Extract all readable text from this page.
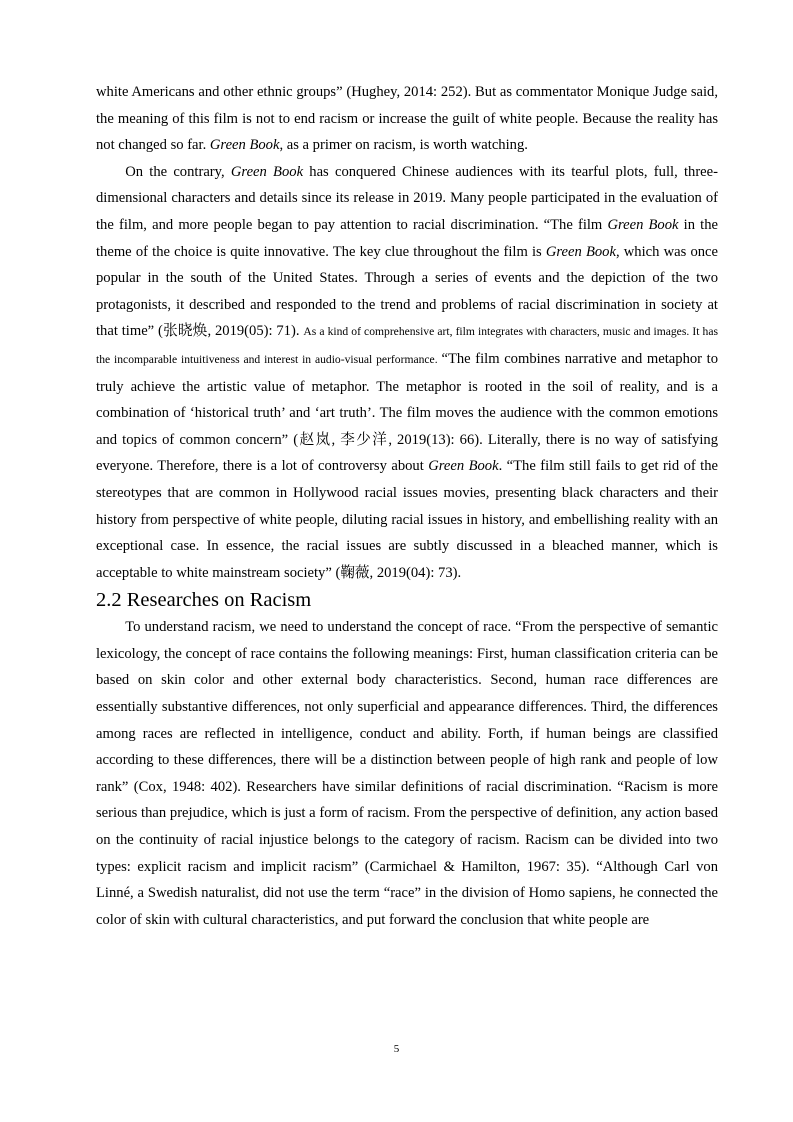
white Americans and other ethnic groups” (Hughey, 2014: 252). But as commentator Monique Judge said, the meaning of this film is not to end racism or increase the guilt of white people. Because the reality has not changed so far. Green Book, as a primer on racism, is worth watching.

On the contrary, Green Book has conquered Chinese audiences with its tearful plots, full, three-dimensional characters and details since its release in 2019. Many people participated in the evaluation of the film, and more people began to pay attention to racial discrimination. “The film Green Book in the theme of the choice is quite innovative. The key clue throughout the film is Green Book, which was once popular in the south of the United States. Through a series of events and the depiction of the two protagonists, it described and responded to the trend and problems of racial discrimination in society at that time” (张晓焕, 2019(05): 71). As a kind of comprehensive art, film integrates with characters, music and images. It has the incomparable intuitiveness and interest in audio-visual performance. “The film combines narrative and metaphor to truly achieve the artistic value of metaphor. The metaphor is rooted in the soil of reality, and is a combination of ‘historical truth’ and ‘art truth’. The film moves the audience with the common emotions and topics of common concern” (赵岚, 李少洋, 2019(13): 66). Literally, there is no way of satisfying everyone. Therefore, there is a lot of controversy about Green Book. “The film still fails to get rid of the stereotypes that are common in Hollywood racial issues movies, presenting black characters and their history from perspective of white people, diluting racial issues in history, and embellishing reality with an exceptional case. In essence, the racial issues are subtly discussed in a bleached manner, which is acceptable to white mainstream society” (鞠薇, 2019(04): 73).

2.2 Researches on Racism

To understand racism, we need to understand the concept of race. “From the perspective of semantic lexicology, the concept of race contains the following meanings: First, human classification criteria can be based on skin color and other external body characteristics. Second, human race differences are essentially substantive differences, not only superficial and appearance differences. Third, the differences among races are reflected in intelligence, conduct and ability. Forth, if human beings are classified according to these differences, there will be a distinction between people of high rank and people of low rank” (Cox, 1948: 402). Researchers have similar definitions of racial discrimination. “Racism is more serious than prejudice, which is just a form of racism. From the perspective of definition, any action based on the continuity of racial injustice belongs to the category of racism. Racism can be divided into two types: explicit racism and implicit racism” (Carmichael & Hamilton, 1967: 35). “Although Carl von Linné, a Swedish naturalist, did not use the term “race” in the division of Homo sapiens, he connected the color of skin with cultural characteristics, and put forward the conclusion that white people are

5
